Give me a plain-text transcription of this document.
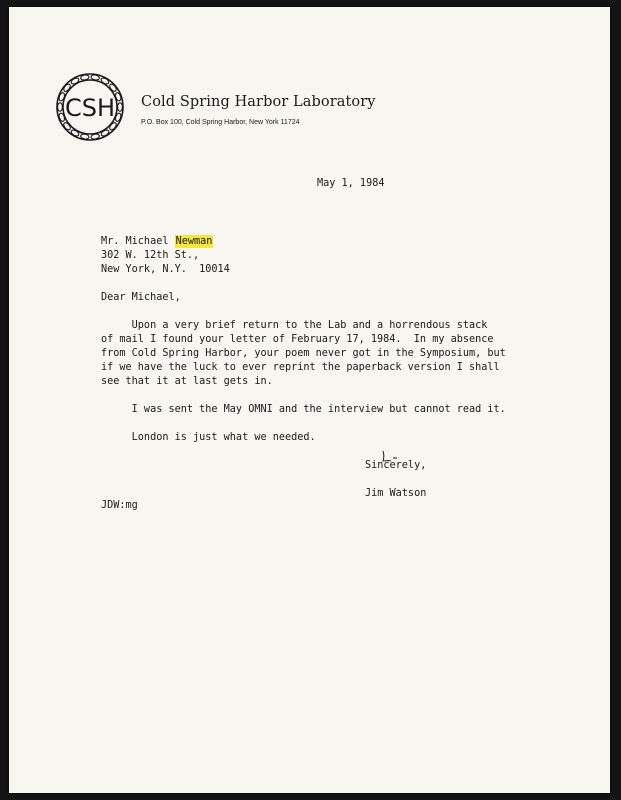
CSH Cold Spring Harbor Laboratory
P.O. Box 100, Cold Spring Harbor, New York 11724
May 1, 1984
Mr. Michael Newman
302 W. 12th St.,
New York, N.Y.  10014
Dear Michael,
Upon a very brief return to the Lab and a horrendous stack
of mail I found your letter of February 17, 1984.  In my absence
from Cold Spring Harbor, your poem never got in the Symposium, but
if we have the luck to ever reprint the paperback version I shall
see that it at last gets in.
I was sent the May OMNI and the interview but cannot read it.
London is just what we needed.
Sincerely,
Jim Watson
JDW:mg
